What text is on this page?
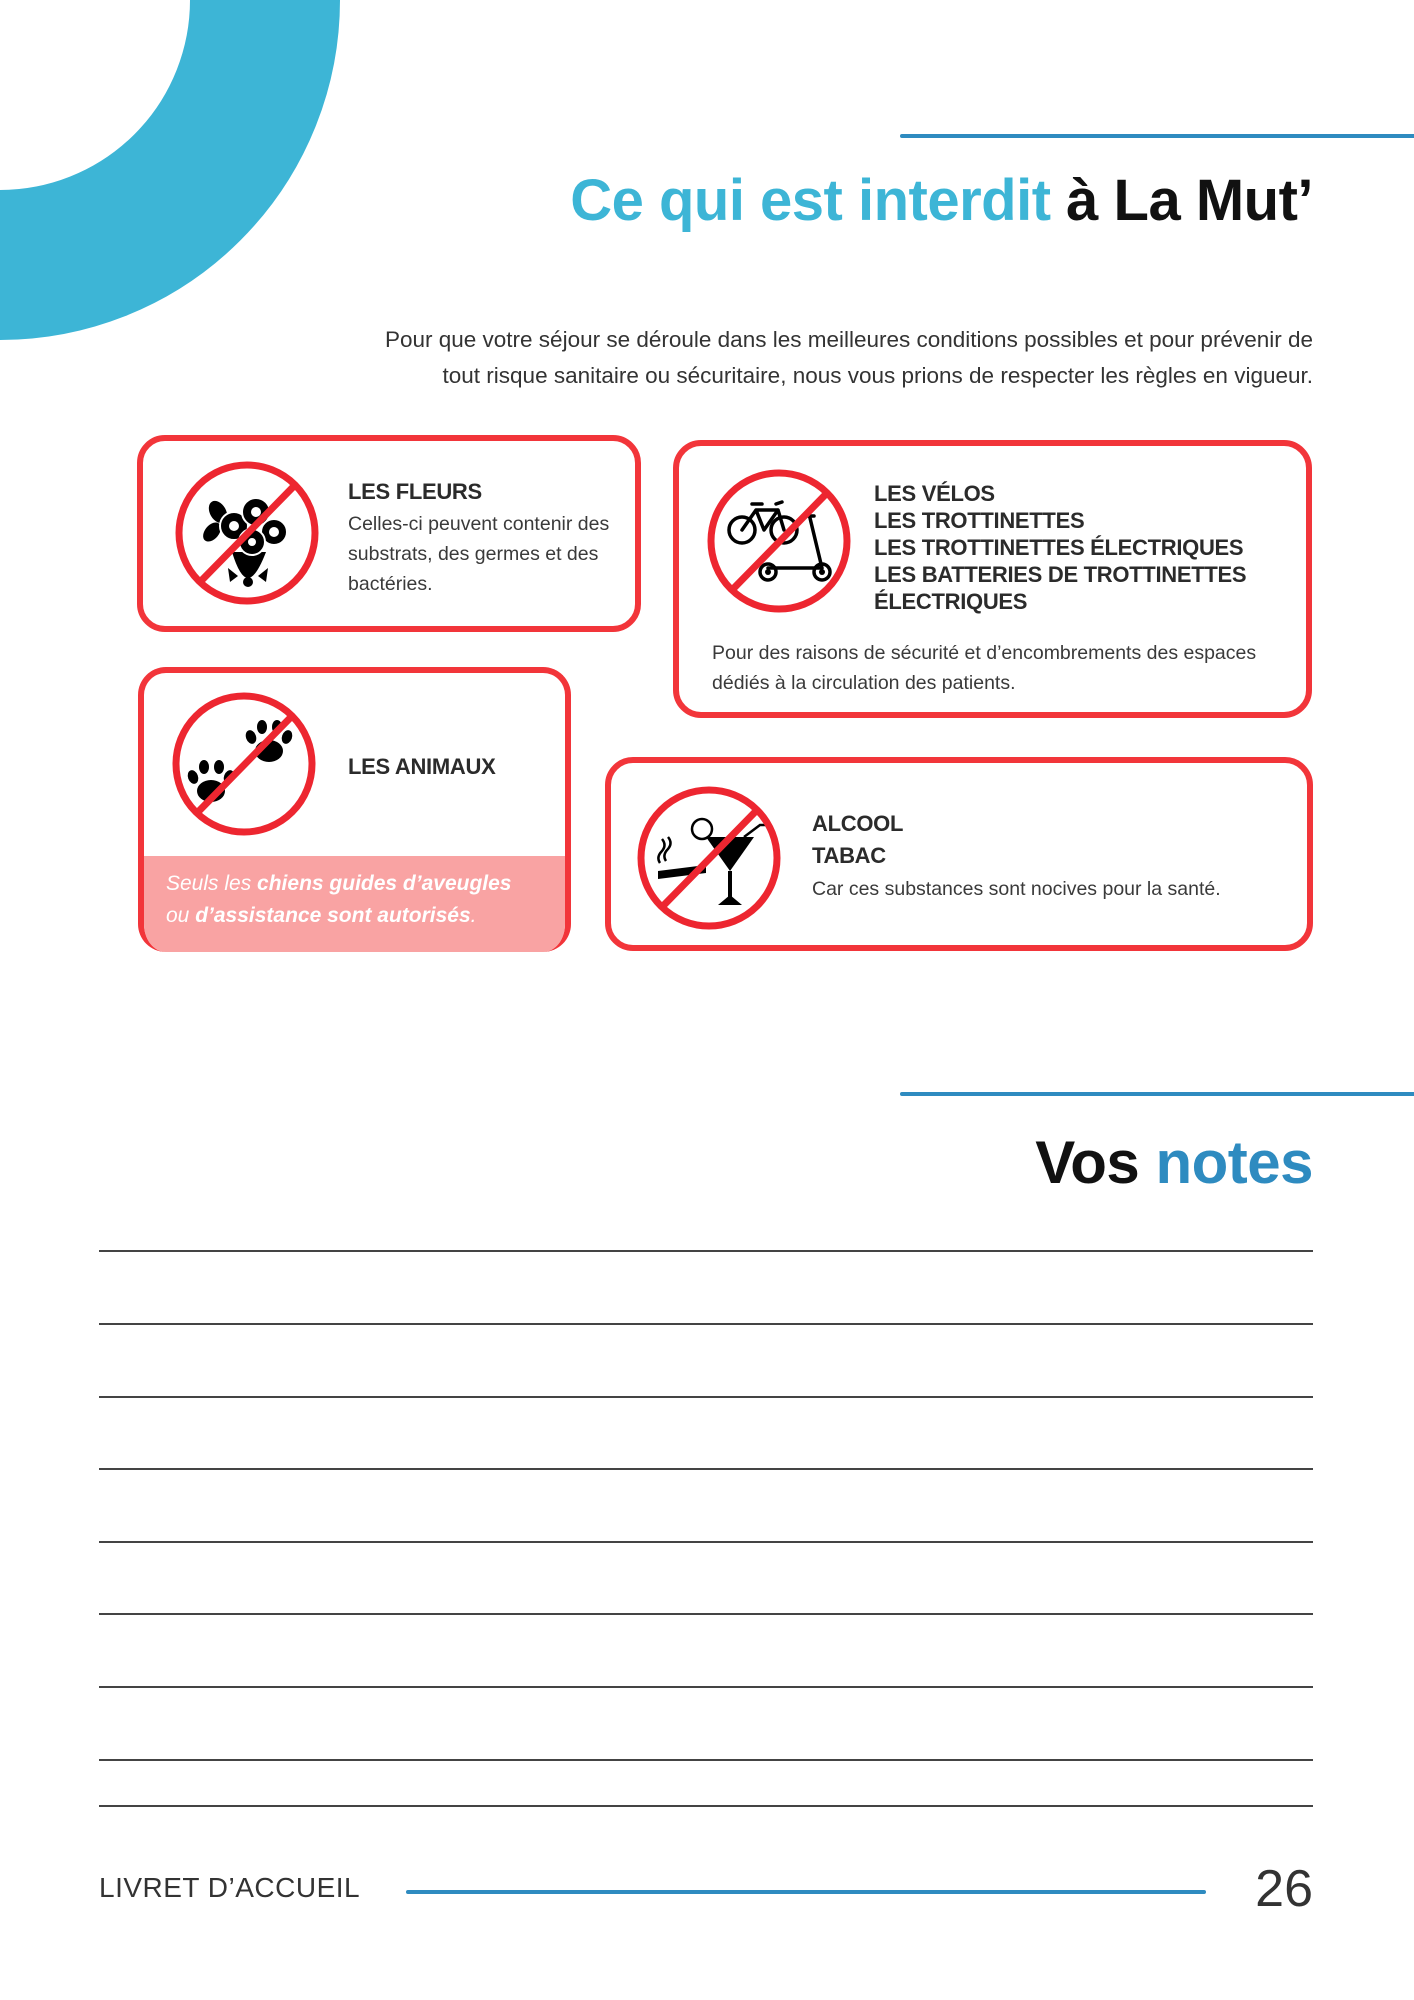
Ce qui est interdit à La Mut’
Pour que votre séjour se déroule dans les meilleures conditions possibles et pour prévenir de
tout risque sanitaire ou sécuritaire, nous vous prions de respecter les règles en vigueur.
LES FLEURS
Celles-ci peuvent contenir des substrats, des germes et des bactéries.
LES VÉLOS
LES TROTTINETTES
LES TROTTINETTES ÉLECTRIQUES
LES BATTERIES DE TROTTINETTES
ÉLECTRIQUES
Pour des raisons de sécurité et d’encombrements des espaces dédiés à la circulation des patients.
LES ANIMAUX
Seuls les chiens guides d’aveugles
ou d’assistance sont autorisés.
ALCOOL
TABAC
Car ces substances sont nocives pour la santé.
Vos notes
LIVRET D’ACCUEIL	26
